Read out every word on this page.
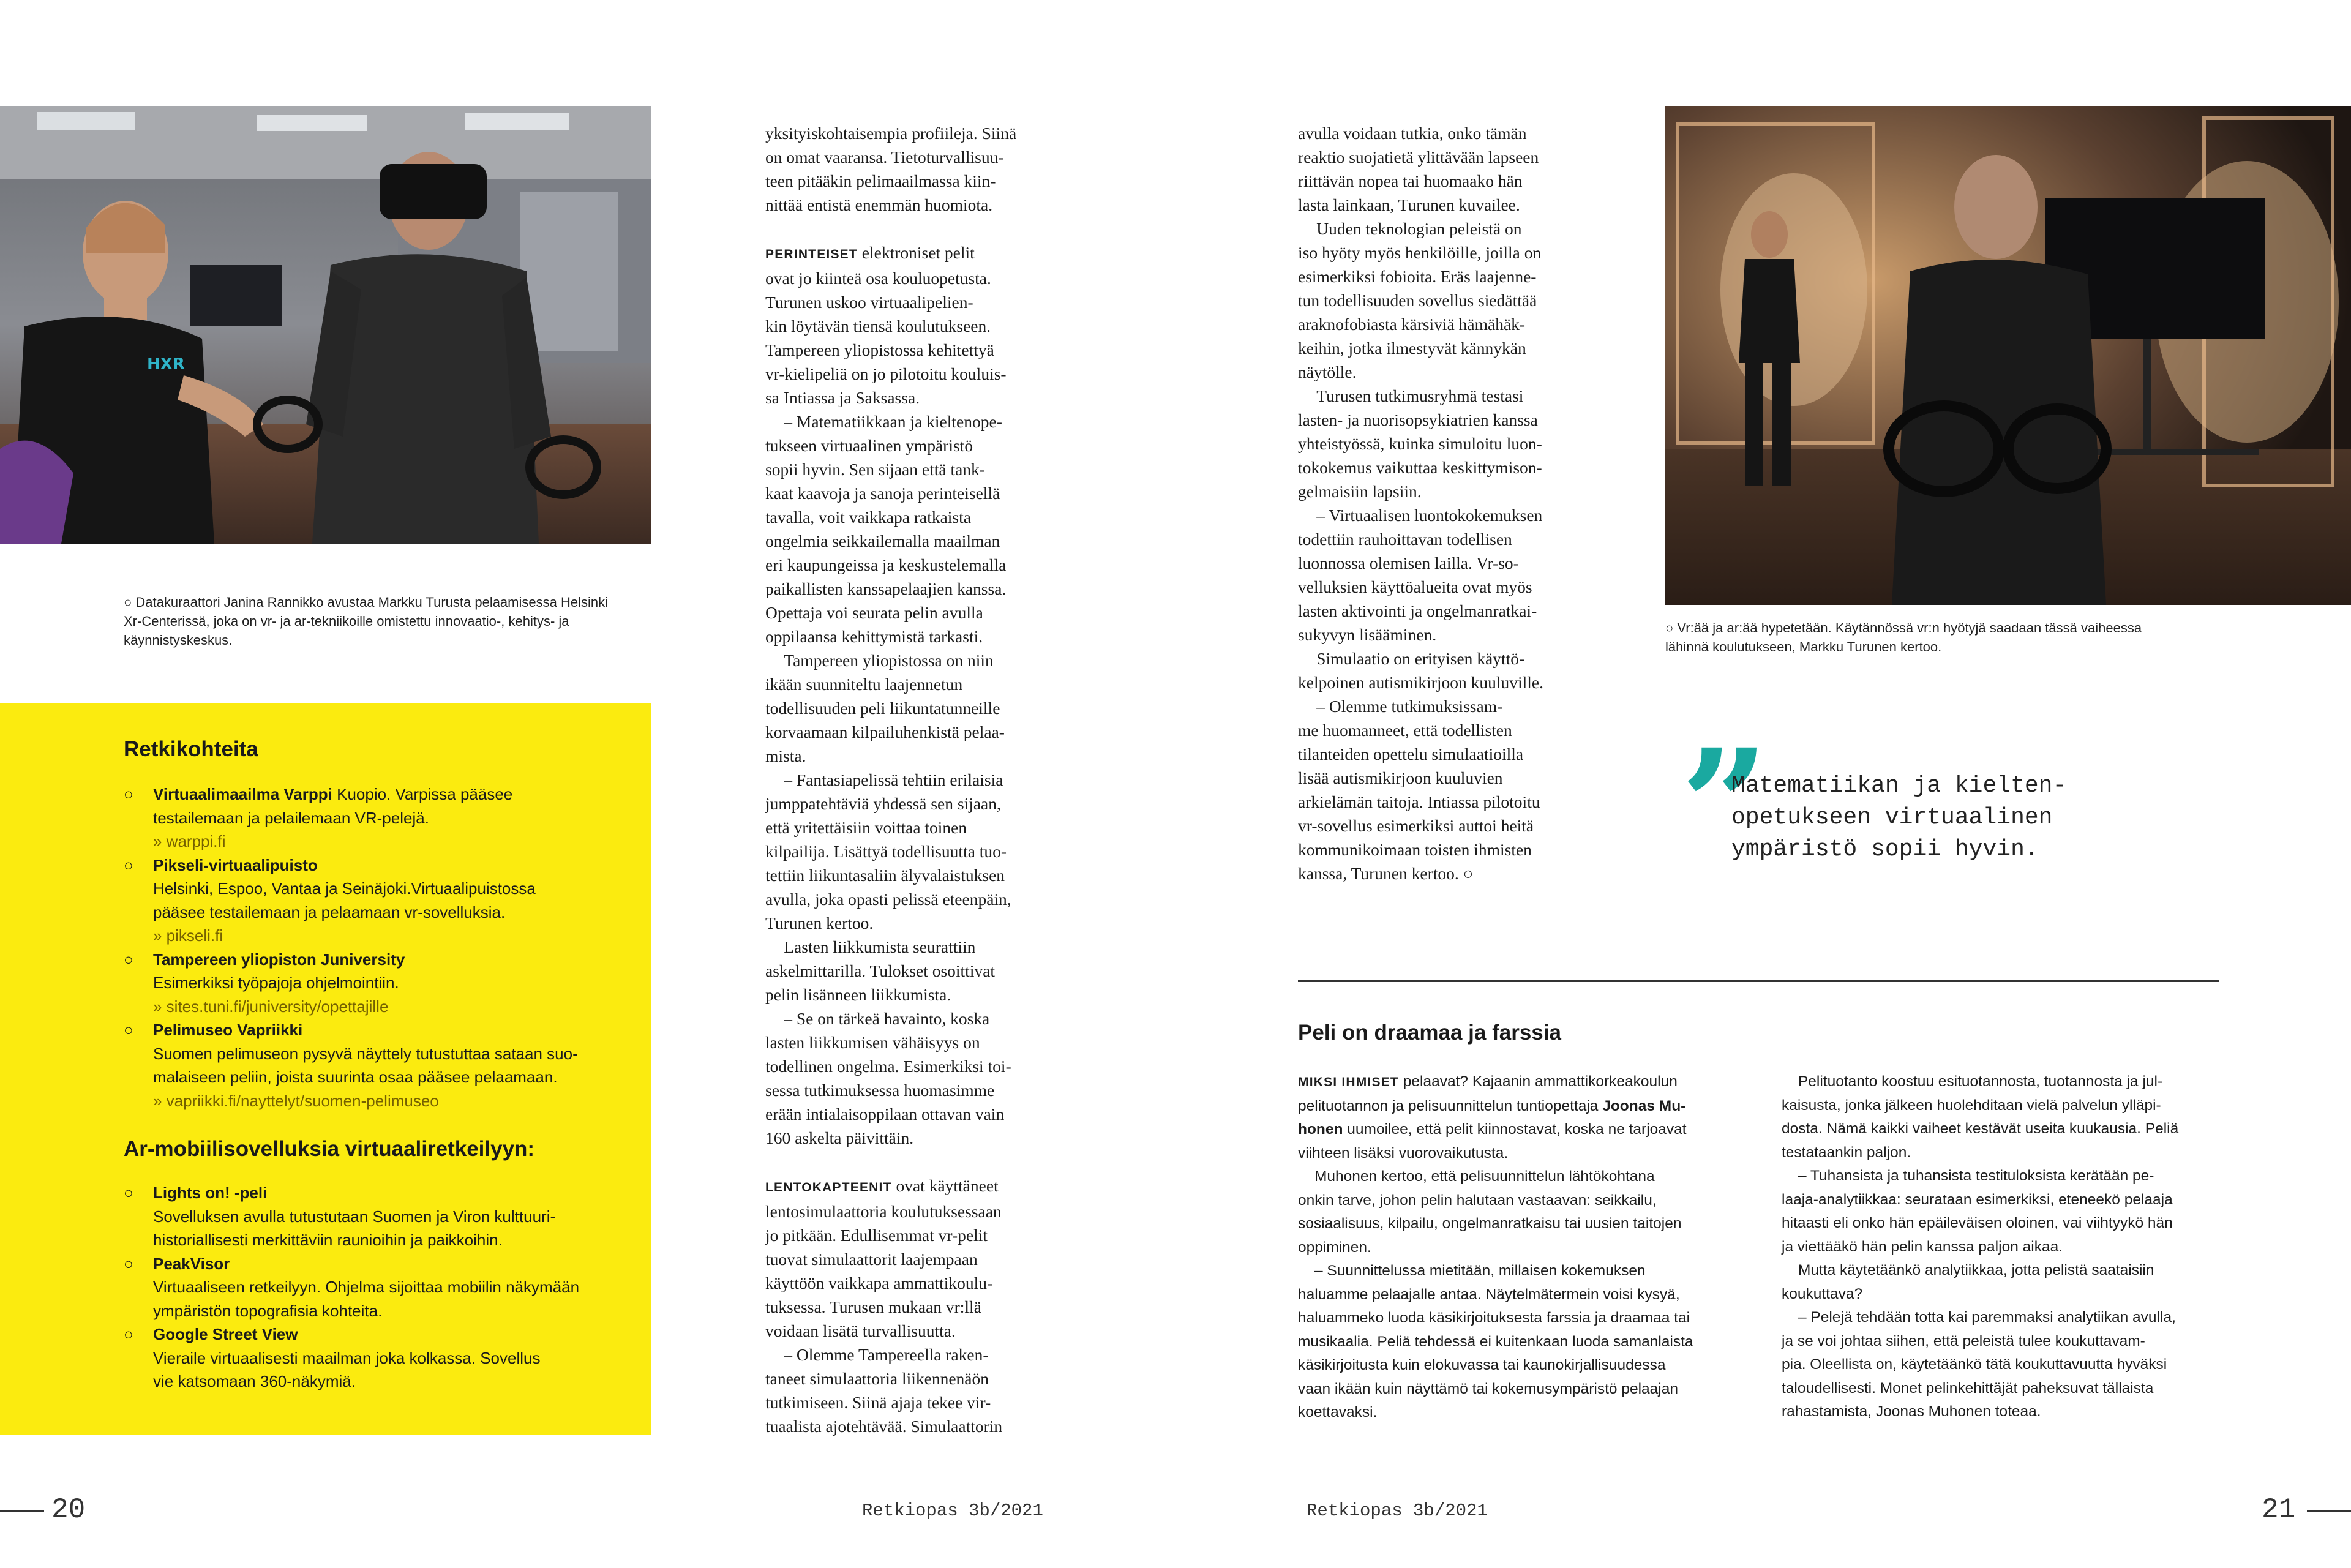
HXR
○ Datakuraattori Janina Rannikko avustaa Markku Turusta pelaamisessa Helsinki
Xr-Centerissä, joka on vr- ja ar-tekniikoille omistettu innovaatio-, kehitys- ja
käynnistyskeskus.
Retkikohteita
○ Virtuaalimaailma Varppi Kuopio. Varpissa pääsee
testailemaan ja pelailemaan VR-pelejä.
» warppi.fi
○ Pikseli-virtuaalipuisto
Helsinki, Espoo, Vantaa ja Seinäjoki.Virtuaalipuistossa
pääsee testailemaan ja pelaamaan vr-sovelluksia.
» pikseli.fi
○ Tampereen yliopiston Juniversity
Esimerkiksi työpajoja ohjelmointiin.
» sites.tuni.fi/juniversity/opettajille
○ Pelimuseo Vapriikki
Suomen pelimuseon pysyvä näyttely tutustuttaa sataan suo-
malaiseen peliin, joista suurinta osaa pääsee pelaamaan.
» vapriikki.fi/nayttelyt/suomen-pelimuseo
Ar-mobiilisovelluksia virtuaaliretkeilyyn:
○ Lights on! -peli
Sovelluksen avulla tutustutaan Suomen ja Viron kulttuuri-
historiallisesti merkittäviin raunioihin ja paikkoihin.
○ PeakVisor
Virtuaaliseen retkeilyyn. Ohjelma sijoittaa mobiilin näkymään
ympäristön topografisia kohteita.
○ Google Street View
Vieraile virtuaalisesti maailman joka kolkassa. Sovellus
vie katsomaan 360-näkymiä.

yksityiskohtaisempia profiileja. Siinä

on omat vaaransa. Tietoturvallisuu-

teen pitääkin pelimaailmassa kiin-

nittää entistä enemmän huomiota.

PERINTEISET elektroniset pelit

ovat jo kiinteä osa kouluopetusta.

Turunen uskoo virtuaalipelien-

kin löytävän tiensä koulutukseen.

Tampereen yliopistossa kehitettyä

vr-kielipeliä on jo pilotoitu kouluis-

sa Intiassa ja Saksassa.

– Matematiikkaan ja kieltenope-

tukseen virtuaalinen ympäristö

sopii hyvin. Sen sijaan että tank-

kaat kaavoja ja sanoja perinteisellä

tavalla, voit vaikkapa ratkaista

ongelmia seikkailemalla maailman

eri kaupungeissa ja keskustelemalla

paikallisten kanssapelaajien kanssa.

Opettaja voi seurata pelin avulla

oppilaansa kehittymistä tarkasti.

Tampereen yliopistossa on niin

ikään suunniteltu laajennetun

todellisuuden peli liikuntatunneille

korvaamaan kilpailuhenkistä pelaa-

mista.

– Fantasiapelissä tehtiin erilaisia

jumppatehtäviä yhdessä sen sijaan,

että yritettäisiin voittaa toinen

kilpailija. Lisättyä todellisuutta tuo-

tettiin liikuntasaliin älyvalaistuksen

avulla, joka opasti pelissä eteenpäin,

Turunen kertoo.

Lasten liikkumista seurattiin

askelmittarilla. Tulokset osoittivat

pelin lisänneen liikkumista.

– Se on tärkeä havainto, koska

lasten liikkumisen vähäisyys on

todellinen ongelma. Esimerkiksi toi-

sessa tutkimuksessa huomasimme

erään intialaisoppilaan ottavan vain

160 askelta päivittäin.

LENTOKAPTEENIT ovat käyttäneet

lentosimulaattoria koulutuksessaan

jo pitkään. Edullisemmat vr-pelit

tuovat simulaattorit laajempaan

käyttöön vaikkapa ammattikoulu-

tuksessa. Turusen mukaan vr:llä

voidaan lisätä turvallisuutta.

– Olemme Tampereella raken-

taneet simulaattoria liikennenäön

tutkimiseen. Siinä ajaja tekee vir-

tuaalista ajotehtävää. Simulaattorin

20	Retkiopas 3b/2021

avulla voidaan tutkia, onko tämän

reaktio suojatietä ylittävään lapseen

riittävän nopea tai huomaako hän

lasta lainkaan, Turunen kuvailee.

Uuden teknologian peleistä on

iso hyöty myös henkilöille, joilla on

esimerkiksi fobioita. Eräs laajenne-

tun todellisuuden sovellus siedättää

araknofobiasta kärsiviä hämähäk-

keihin, jotka ilmestyvät kännykän

näytölle.

Turusen tutkimusryhmä testasi

lasten- ja nuorisopsykiatrien kanssa

yhteistyössä, kuinka simuloitu luon-

tokokemus vaikuttaa keskittymison-

gelmaisiin lapsiin.

– Virtuaalisen luontokokemuksen

todettiin rauhoittavan todellisen

luonnossa olemisen lailla. Vr-so-

velluksien käyttöalueita ovat myös

lasten aktivointi ja ongelmanratkai-

sukyvyn lisääminen.

Simulaatio on erityisen käyttö-

kelpoinen autismikirjoon kuuluville.

– Olemme tutkimuksissam-

me huomanneet, että todellisten

tilanteiden opettelu simulaatioilla

lisää autismikirjoon kuuluvien

arkielämän taitoja. Intiassa pilotoitu

vr-sovellus esimerkiksi auttoi heitä

kommunikoimaan toisten ihmisten

kanssa, Turunen kertoo. ○

○ Vr:ää ja ar:ää hypetetään. Käytännössä vr:n hyötyjä saadaan tässä vaiheessa
lähinnä koulutukseen, Markku Turunen kertoo.
”
Matematiikan ja kielten-
opetukseen virtuaalinen
ympäristö sopii hyvin.
Peli on draamaa ja farssia

MIKSI IHMISET pelaavat? Kajaanin ammattikorkeakoulun

pelituotannon ja pelisuunnittelun tuntiopettaja Joonas Mu-

honen uumoilee, että pelit kiinnostavat, koska ne tarjoavat

viihteen lisäksi vuorovaikutusta.

Muhonen kertoo, että pelisuunnittelun lähtökohtana

onkin tarve, johon pelin halutaan vastaavan: seikkailu,

sosiaalisuus, kilpailu, ongelmanratkaisu tai uusien taitojen

oppiminen.

– Suunnittelussa mietitään, millaisen kokemuksen

haluamme pelaajalle antaa. Näytelmätermein voisi kysyä,

haluammeko luoda käsikirjoituksesta farssia ja draamaa tai

musikaalia. Peliä tehdessä ei kuitenkaan luoda samanlaista

käsikirjoitusta kuin elokuvassa tai kaunokirjallisuudessa

vaan ikään kuin näyttämö tai kokemusympäristö pelaajan

koettavaksi.

Pelituotanto koostuu esituotannosta, tuotannosta ja jul-

kaisusta, jonka jälkeen huolehditaan vielä palvelun ylläpi-

dosta. Nämä kaikki vaiheet kestävät useita kuukausia. Peliä

testataankin paljon.

– Tuhansista ja tuhansista testituloksista kerätään pe-

laaja-analytiikkaa: seurataan esimerkiksi, eteneekö pelaaja

hitaasti eli onko hän epäileväisen oloinen, vai viihtyykö hän

ja viettääkö hän pelin kanssa paljon aikaa.

Mutta käytetäänkö analytiikkaa, jotta pelistä saataisiin

koukuttava?

– Pelejä tehdään totta kai paremmaksi analytiikan avulla,

ja se voi johtaa siihen, että peleistä tulee koukuttavam-

pia. Oleellista on, käytetäänkö tätä koukuttavuutta hyväksi

taloudellisesti. Monet pelinkehittäjät paheksuvat tällaista

rahastamista, Joonas Muhonen toteaa.

Retkiopas 3b/2021	21
